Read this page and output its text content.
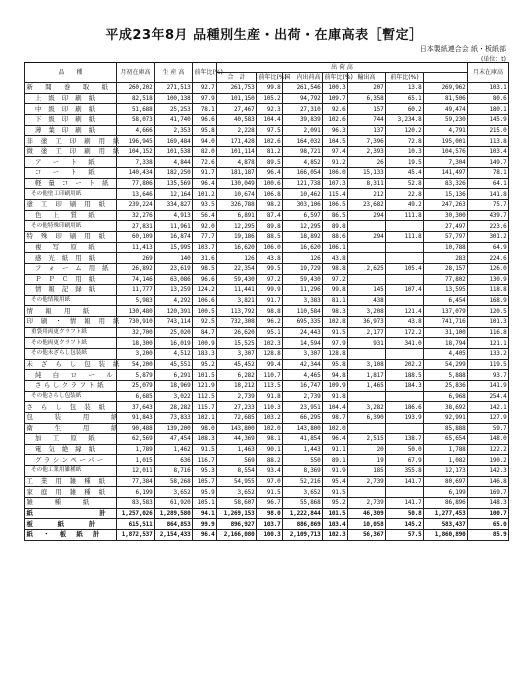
平成23年8月 品種別生産・出荷・在庫高表［暫定］
日本製紙連合会 紙・板紙部
(単位：t)
品　　種	月初在庫高	生 産 高	前年比(%)	出 荷 高							月末在庫高	
				合　計	前年比(%)	国　内出荷高	前年比(%)	輸出高	前年比(%)			
新　聞　巻　取　紙	260,202	271,513	92.7	261,753	99.8	261,546	100.3	207	13.8	269,962	103.1	
上 級 印 刷 紙	82,518	100,138	97.9	101,150	105.2	94,792	109.7	6,358	65.1	81,506	80.6	
中 級 印 刷 紙	51,688	25,253	78.1	27,467	92.3	27,310	92.6	157	60.2	49,474	180.1	
下 級 印 刷 紙	58,073	41,740	96.6	40,583	104.4	39,839	102.6	744	3,234.8	59,230	145.9	
薄 葉 印 刷 紙	4,666	2,353	95.8	2,228	97.5	2,091	96.3	137	120.2	4,791	215.0	
非 塗 工 印 刷 用 紙	196,945	169,484	94.0	171,428	102.6	164,032	104.5	7,396	72.8	195,001	113.8	
微 塗 工 印 刷 用 紙	104,152	101,538	82.0	101,114	81.2	98,721	97.4	2,393	10.3	104,576	103.4	
ア　ー　ト　紙	7,338	4,844	72.6	4,878	89.5	4,852	91.2	26	19.5	7,304	149.7	
コ　ー　ト　紙	140,434	182,250	91.7	181,187	96.4	166,054	106.0	15,133	45.4	141,497	78.1	
軽 量 コ ー ト 紙	77,806	135,569	96.4	130,049	100.6	121,738	107.3	8,311	52.8	83,326	64.1	
その他塗工印刷用紙	13,646	12,164	101.2	10,674	106.8	10,462	115.4	212	22.8	15,136	141.8	
塗 工 印 刷 用 紙	239,224	334,827	93.5	326,788	98.2	303,106	106.5	23,682	49.2	247,263	75.7	
色　上　質　紙	32,276	4,913	56.4	6,891	87.4	6,597	86.5	294	111.8	30,300	439.7	
その他特殊印刷用紙	27,831	11,961	92.0	12,295	89.8	12,295	89.8			27,497	223.6	
特 殊 印 刷 用 紙	60,109	16,874	77.7	19,186	88.5	18,892	88.6	294	111.8	57,797	301.2	
複　写　原　紙	11,413	15,995	103.7	16,620	106.0	16,620	106.1			10,788	64.9	
感 光 紙 用 紙	269	140	31.6	126	43.8	126	43.8			283	224.6	
フ ォ ー ム 用 紙	26,892	23,619	98.5	22,354	99.5	19,729	98.8	2,625	105.4	28,157	126.0	
Ｐ Ｐ Ｃ 用 紙	74,146	63,086	96.6	59,430	97.2	59,430	97.2			77,802	130.9	
情 報 記 録 紙	11,777	13,259	124.2	11,441	99.9	11,296	99.8	145	107.4	13,595	118.8	
その他情報用紙	5,983	4,292	106.6	3,821	91.7	3,383	81.1	438		6,454	168.9	
情　報　用　紙	130,480	120,391	100.5	113,792	98.8	110,584	98.3	3,208	121.4	137,079	120.5	
印 刷 ・ 情 報 用 紙	730,910	743,114	92.5	732,308	96.2	695,335	102.8	36,973	43.8	741,716	101.3	
重袋用両更クラフト紙	32,700	25,020	84.7	26,620	95.1	24,443	91.5	2,177	172.2	31,100	116.8	
その他両更クラフト紙	18,300	16,019	100.9	15,525	102.3	14,594	97.9	931	341.0	18,794	121.1	
その他未ざらし包装紙	3,200	4,512	183.3	3,307	128.8	3,307	128.8			4,405	133.2	
未 ざ ら し 包 装 紙	54,200	45,551	95.2	45,452	99.4	42,344	95.8	3,108	202.2	54,299	119.5	
純　白　ロ　ー　ル	5,879	6,291	101.5	6,282	110.7	4,465	94.8	1,817	188.5	5,888	93.7	
さらしクラフト紙	25,079	18,969	121.9	18,212	113.5	16,747	109.9	1,465	184.3	25,836	141.9	
その他さらし包装紙	6,685	3,022	112.5	2,739	91.8	2,739	91.8			6,968	254.4	
さ ら し 包 装 紙	37,643	28,282	115.7	27,233	110.3	23,951	104.4	3,282	186.6	38,692	142.1	
包　　装　　用　　紙	91,843	73,833	102.1	72,685	103.2	66,295	98.7	6,390	193.9	92,991	127.9	
衛　　生　　用　　紙	90,488	139,200	98.0	143,800	102.0	143,800	102.0			85,888	59.7	
加　工　原　紙	62,569	47,454	108.3	44,369	98.1	41,854	96.4	2,515	138.7	65,654	148.0	
電 気 絶 縁 紙	1,789	1,462	91.5	1,463	90.1	1,443	91.1	20	50.0	1,788	122.2	
グラシンペーパー	1,015	636	116.7	569	88.2	550	89.1	19	67.9	1,082	190.2	
その他工業用雑種紙	12,011	8,716	95.3	8,554	93.4	8,369	91.9	185	355.8	12,173	142.3	
工 業 用 雑 種 紙	77,384	58,268	105.7	54,955	97.0	52,216	95.4	2,739	141.7	80,697	146.8	
家 庭 用 雑 種 紙	6,199	3,652	95.9	3,652	91.5	3,652	91.5			6,199	169.7	
雑　　種　　紙	83,583	61,920	105.1	58,607	96.7	55,868	95.2	2,739	141.7	86,896	148.3	
紙　　　　　　計	1,257,026	1,289,580	94.1	1,269,153	98.0	1,222,844	101.5	46,309	50.8	1,277,453	100.7	
板　　紙　　計	615,511	864,853	99.9	896,927	103.7	886,869	103.4	10,058	145.2	583,437	65.0	
紙 ・ 板 紙 計	1,872,537	2,154,433	96.4	2,166,080	100.3	2,109,713	102.3	56,367	57.5	1,860,890	85.9	
